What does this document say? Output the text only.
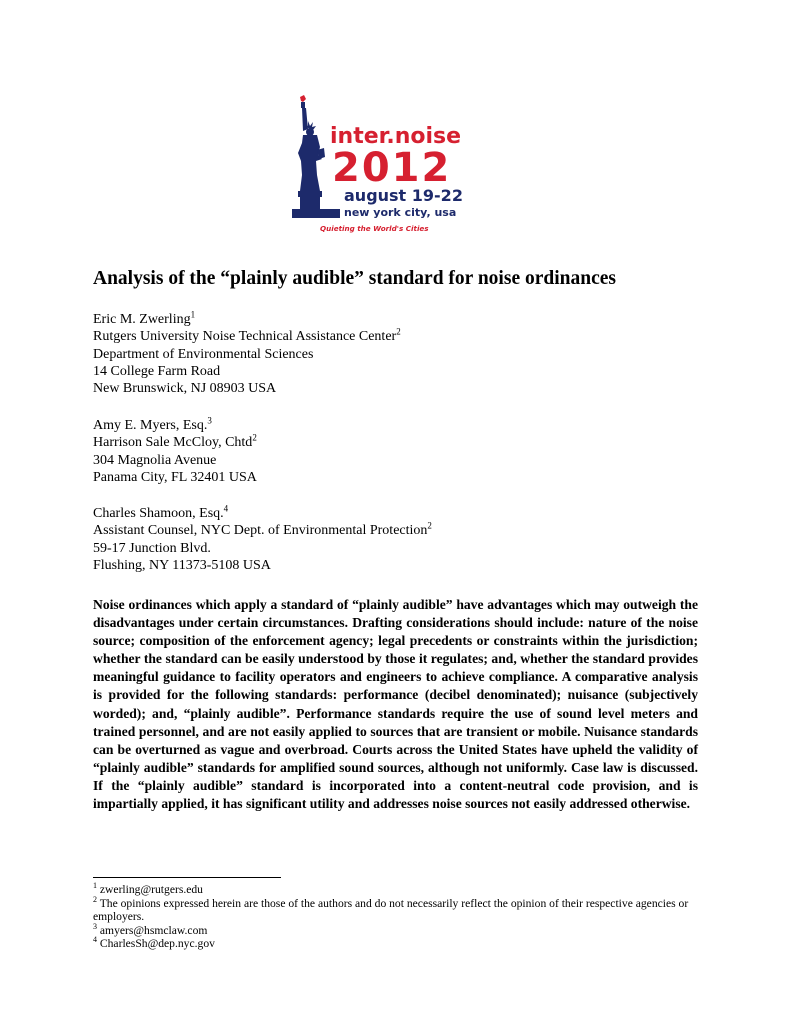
inter.noise
2012
august 19-22
new york city, usa
Quieting the World's Cities
Analysis of the “plainly audible” standard for noise ordinances
Eric M. Zwerling$^1$
Rutgers University Noise Technical Assistance Center$^2$
Department of Environmental Sciences
14 College Farm Road
New Brunswick, NJ 08903 USA
Amy E. Myers, Esq.$^3$
Harrison Sale McCloy, Chtd$^2$
304 Magnolia Avenue
Panama City, FL 32401 USA
Charles Shamoon, Esq.$^4$
Assistant Counsel, NYC Dept. of Environmental Protection$^2$
59-17 Junction Blvd.
Flushing, NY 11373-5108 USA

Noise ordinances which apply a standard of “plainly audible” have advantages which may outweigh the disadvantages under certain circumstances. Drafting considerations should include: nature of the noise source; composition of the enforcement agency; legal precedents or constraints within the jurisdiction; whether the standard can be easily understood by those it regulates; and, whether the standard provides meaningful guidance to facility operators and engineers to achieve compliance. A comparative analysis is provided for the following standards: performance (decibel denominated); nuisance (subjectively worded); and, “plainly audible”. Performance standards require the use of sound level meters and trained personnel, and are not easily applied to sources that are transient or mobile. Nuisance standards can be overturned as vague and overbroad. Courts across the United States have upheld the validity of “plainly audible” standards for amplified sound sources, although not uniformly. Case law is discussed. If the “plainly audible” standard is incorporated into a content-neutral code provision, and is impartially applied, it has significant utility and addresses noise sources not easily addressed otherwise.

$^1$ zwerling@rutgers.edu
$^2$ The opinions expressed herein are those of the authors and do not necessarily reflect the opinion of their respective agencies or employers.
$^3$ amyers@hsmclaw.com
$^4$ CharlesSh@dep.nyc.gov
